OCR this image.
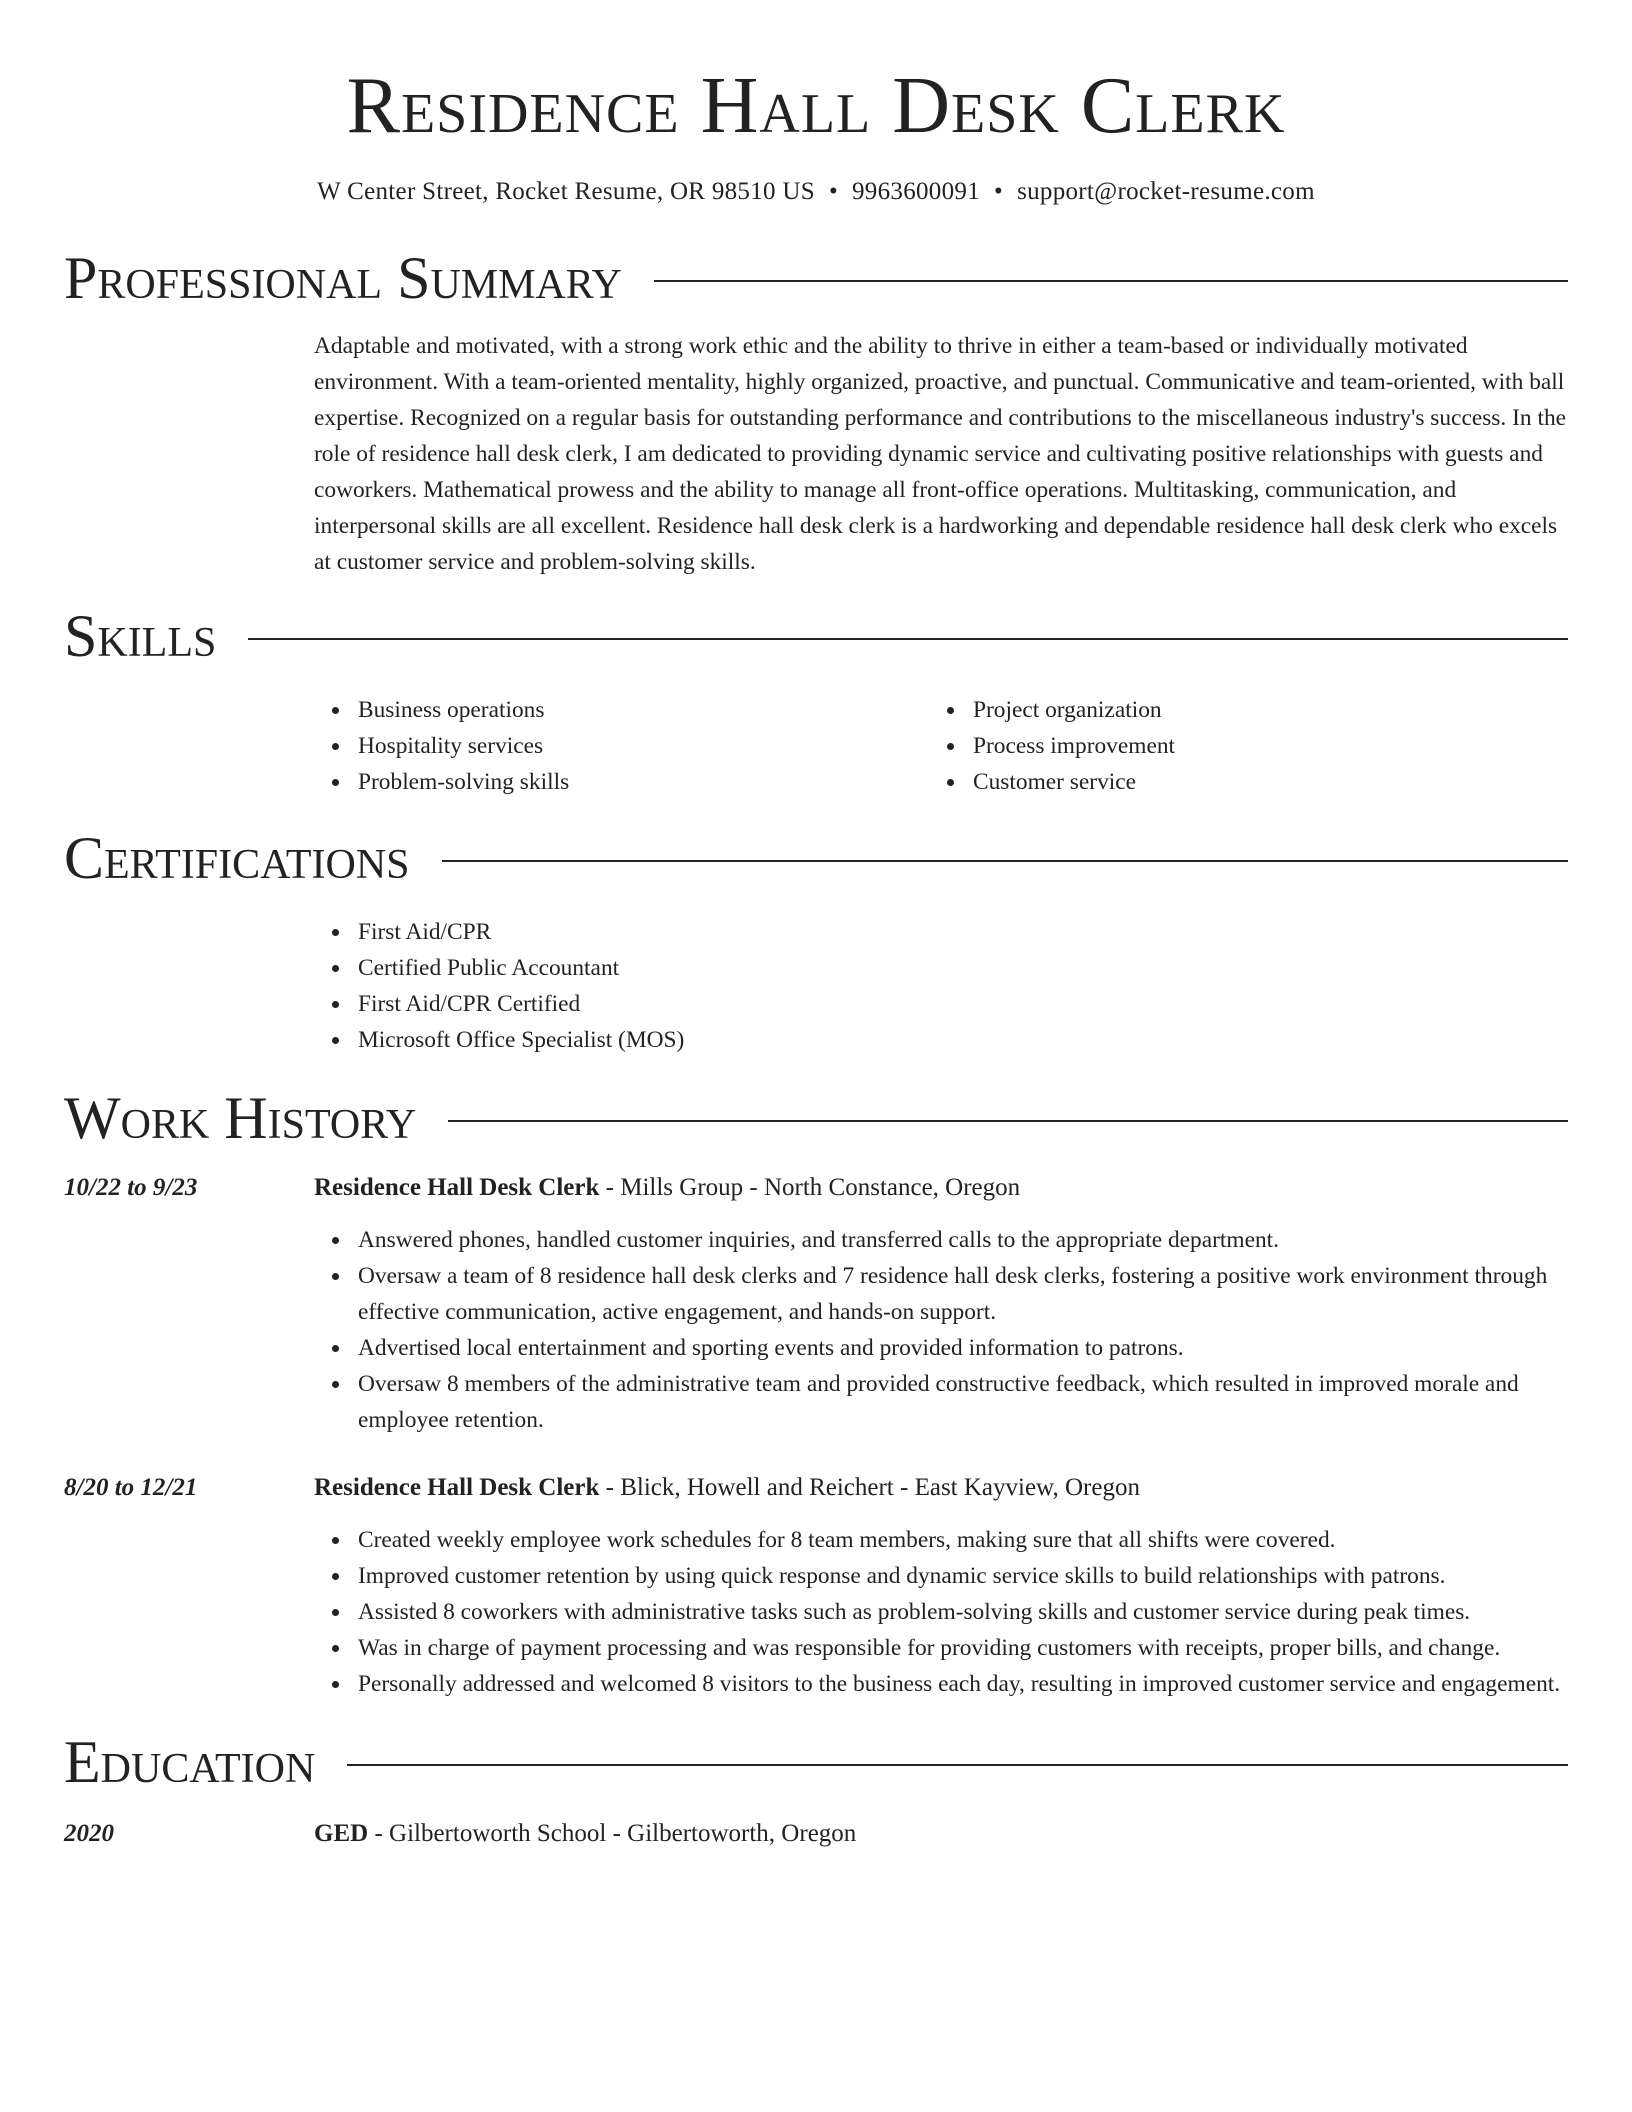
Residence Hall Desk Clerk
W Center Street, Rocket Resume, OR 98510 US • 9963600091 • support@rocket-resume.com
Professional Summary

Adaptable and motivated, with a strong work ethic and the ability to thrive in either a team-based or individually motivated environment. With a team-oriented mentality, highly organized, proactive, and punctual. Communicative and team-oriented, with ball expertise. Recognized on a regular basis for outstanding performance and contributions to the miscellaneous industry's success. In the role of residence hall desk clerk, I am dedicated to providing dynamic service and cultivating positive relationships with guests and coworkers. Mathematical prowess and the ability to manage all front-office operations. Multitasking, communication, and interpersonal skills are all excellent. Residence hall desk clerk is a hardworking and dependable residence hall desk clerk who excels at customer service and problem-solving skills.

Skills
Business operations
Hospitality services
Problem-solving skills
Project organization
Process improvement
Customer service
Certifications
First Aid/CPR
Certified Public Accountant
First Aid/CPR Certified
Microsoft Office Specialist (MOS)
Work History
10/22 to 9/23	Residence Hall Desk Clerk - Mills Group - North Constance, Oregon
Answered phones, handled customer inquiries, and transferred calls to the appropriate department.
Oversaw a team of 8 residence hall desk clerks and 7 residence hall desk clerks, fostering a positive work environment through effective communication, active engagement, and hands-on support.
Advertised local entertainment and sporting events and provided information to patrons.
Oversaw 8 members of the administrative team and provided constructive feedback, which resulted in improved morale and employee retention.
8/20 to 12/21	Residence Hall Desk Clerk - Blick, Howell and Reichert - East Kayview, Oregon
Created weekly employee work schedules for 8 team members, making sure that all shifts were covered.
Improved customer retention by using quick response and dynamic service skills to build relationships with patrons.
Assisted 8 coworkers with administrative tasks such as problem-solving skills and customer service during peak times.
Was in charge of payment processing and was responsible for providing customers with receipts, proper bills, and change.
Personally addressed and welcomed 8 visitors to the business each day, resulting in improved customer service and engagement.
Education
2020	GED - Gilbertoworth School - Gilbertoworth, Oregon
